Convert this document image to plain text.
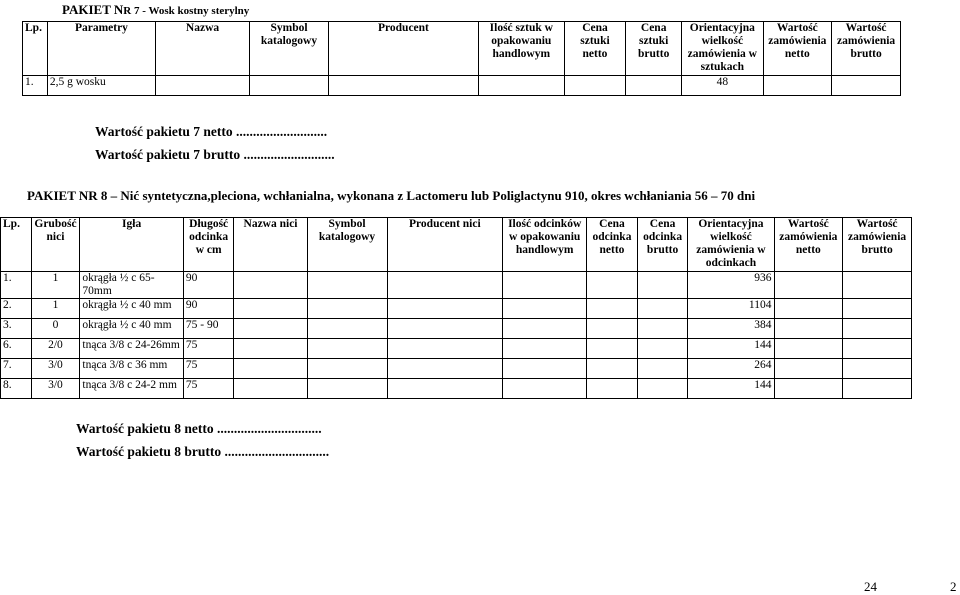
PAKIET NR 7 - Wosk kostny sterylny
Lp.	Parametry	Nazwa	Symbol katalogowy	Producent	Ilość sztuk w opakowaniu handlowym	Cena sztuki netto	Cena sztuki brutto	Orientacyjna wielkość zamówienia w sztukach	Wartość zamówienia netto	Wartość zamówienia brutto
1.	2,5 g wosku							48		
Wartość pakietu 7 netto ...........................
Wartość pakietu 7 brutto ...........................
PAKIET NR 8 – Nić syntetyczna,pleciona, wchłanialna, wykonana z Lactomeru lub Poliglactynu 910, okres wchłaniania 56 – 70 dni
Lp.	Grubość nici	Igła	Długość odcinka w cm	Nazwa nici	Symbol katalogowy	Producent nici	Ilość odcinków w opakowaniu handlowym	Cena odcinka netto	Cena odcinka brutto	Orientacyjna wielkość zamówienia w odcinkach	Wartość zamówienia netto	Wartość zamówienia brutto
1.	1	okrągła ½ c 65-70mm	90							936		
2.	1	okrągła ½ c 40 mm	90							1104		
3.	0	okrągła ½ c 40 mm	75 - 90							384		
6.	2/0	tnąca 3/8 c 24-26mm	75							144		
7.	3/0	tnąca 3/8 c 36 mm	75							264		
8.	3/0	tnąca 3/8 c 24-2 mm	75							144		
Wartość pakietu 8 netto ...............................
Wartość pakietu 8 brutto ...............................
24	2
